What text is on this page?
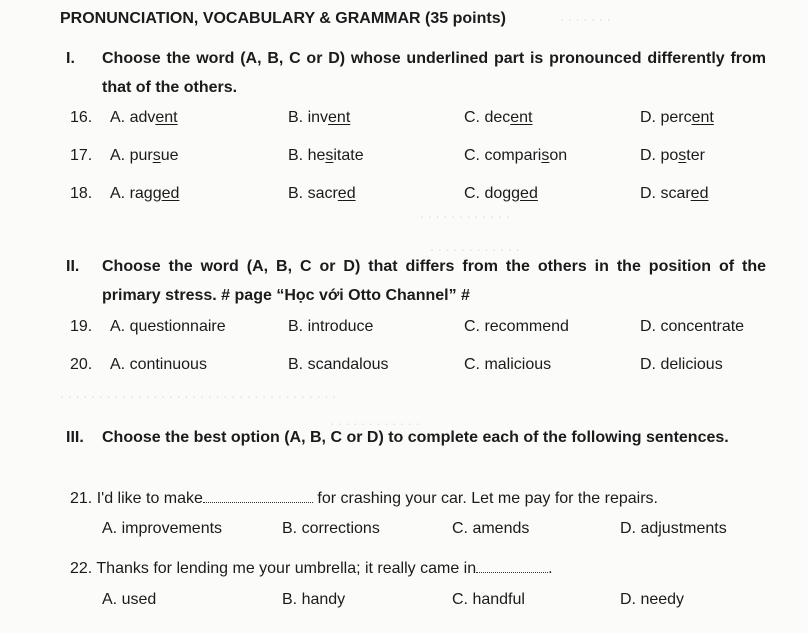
. . . . . . .
. . . . . . . . . . . .
. . . . . . . . . . . .
. . . . . . . . . . . . . . . . . . . . . . . . . . . . . . . . . . . .
. . . . . . . . . . . .
PRONUNCIATION, VOCABULARY & GRAMMAR (35 points)
I. Choose the word (A, B, C or D) whose underlined part is pronounced differently from that of the others.
16. A. advent	B. invent	C. decent	D. percent
17. A. pursue	B. hesitate	C. comparison	D. poster
18. A. ragged	B. sacred	C. dogged	D. scared
II. Choose the word (A, B, C or D) that differs from the others in the position of the primary stress. # page “Học với Otto Channel” #
19. A. questionnaire	B. introduce	C. recommend	D. concentrate
20. A. continuous	B. scandalous	C. malicious	D. delicious
III. Choose the best option (A, B, C or D) to complete each of the following sentences.
21. I'd like to make	for crashing your car. Let me pay for the repairs.
A. improvements	B. corrections	C. amends	D. adjustments
22. Thanks for lending me your umbrella; it really came in	.
A. used	B. handy	C. handful	D. needy
